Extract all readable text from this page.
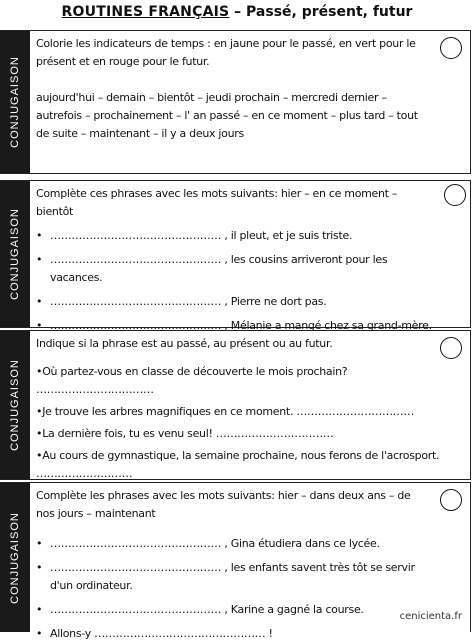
ROUTINES FRANÇAIS – Passé, présent, futur
CONJUGAISON

Colorie les indicateurs de temps : en jaune pour le passé, en vert pour le présent et en rouge pour le futur.

aujourd'hui – demain – bientôt – jeudi prochain – mercredi dernier – autrefois – prochainement – l' an passé – en ce moment – plus tard – tout de suite – maintenant – il y a deux jours

CONJUGAISON

Complète ces phrases avec les mots suivants: hier – en ce moment – bientôt

• ………………………………………… , il pleut, et je suis triste.
• ………………………………………… , les cousins arriveront pour les vacances.
• ………………………………………… , Pierre ne dort pas.
• ………………………………………… , Mélanie a mangé chez sa grand-mère.
CONJUGAISON

Indique si la phrase est au passé, au présent ou au futur.

•Où partez-vous en classe de découverte le mois prochain? ……………………………

•Je trouve les arbres magnifiques en ce moment. ……………………………

•La dernière fois, tu es venu seul! ……………………………

•Au cours de gymnastique, la semaine prochaine, nous ferons de l'acrosport.

………………………

CONJUGAISON

Complète les phrases avec les mots suivants: hier – dans deux ans – de nos jours – maintenant

• ………………………………………… , Gina étudiera dans ce lycée.
• ………………………………………… , les enfants savent très tôt se servir d'un ordinateur.
• ………………………………………… , Karine a gagné la course.
• Allons-y ………………………………………… !
cenicienta.fr
